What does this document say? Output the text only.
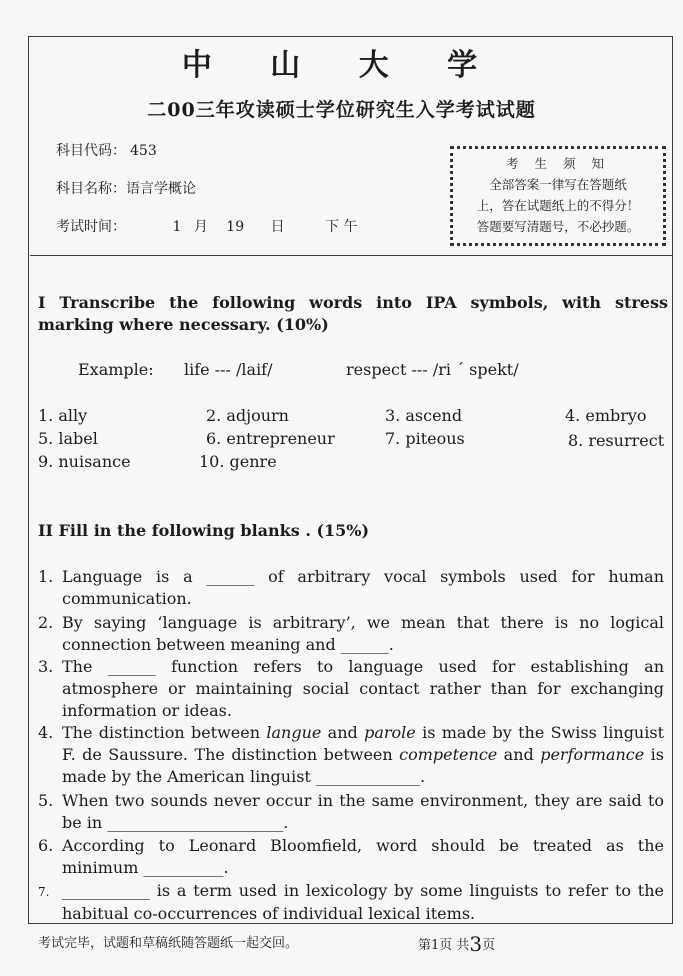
中 山 大 学
二00三年攻读硕士学位研究生入学考试试题
科目代码： 453
科目名称：语言学概论
考试时间：	1 月 19 日	下 午
考 生 须 知
全部答案一律写在答题纸
上，答在试题纸上的不得分！
答题要写清题号，不必抄题。
I Transcribe the following words into IPA symbols, with stress marking where necessary. (10%)
Example: life --- /laif/	respect --- /ri ˊ spekt/
1. ally	2. adjourn	3. ascend	4. embryo
5. label	6. entrepreneur	7. piteous	8. resurrect
9. nuisance	10. genre
II Fill in the following blanks . (15%)
1. Language is a ______ of arbitrary vocal symbols used for human communication.
2. By saying ‘language is arbitrary’, we mean that there is no logical connection between meaning and ______.
3. The ______ function refers to language used for establishing an atmosphere or maintaining social contact rather than for exchanging information or ideas.
4. The distinction between langue and parole is made by the Swiss linguist F. de Saussure. The distinction between competence and performance is made by the American linguist _____________.
5. When two sounds never occur in the same environment, they are said to be in ______________________.
6. According to Leonard Bloomfield, word should be treated as the minimum __________.
7. ___________ is a term used in lexicology by some linguists to refer to the habitual co-occurrences of individual lexical items.
考试完毕，试题和草稿纸随答题纸一起交回。	第1页 共3页
